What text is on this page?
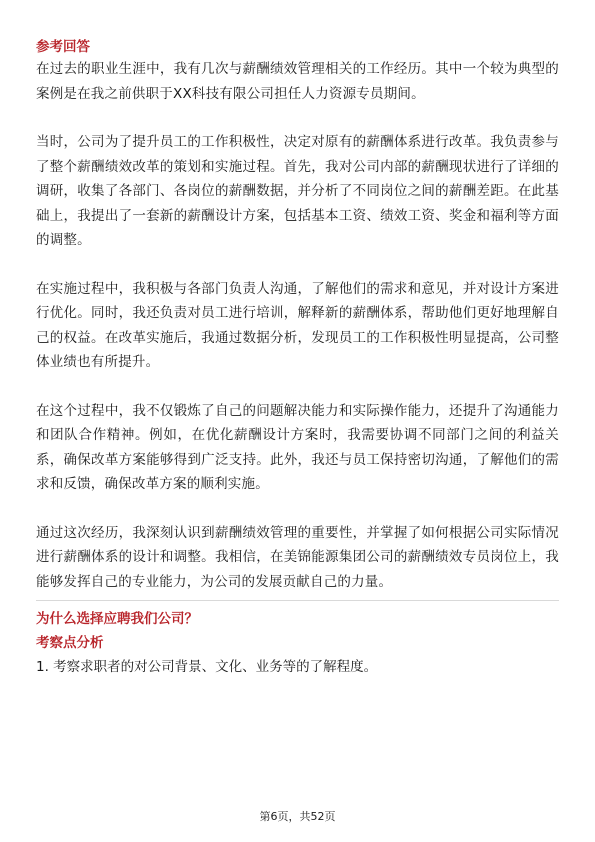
参考回答

在过去的职业生涯中，我有几次与薪酬绩效管理相关的工作经历。其中一个较为典型的案例是在我之前供职于XX科技有限公司担任人力资源专员期间。

当时，公司为了提升员工的工作积极性，决定对原有的薪酬体系进行改革。我负责参与了整个薪酬绩效改革的策划和实施过程。首先，我对公司内部的薪酬现状进行了详细的调研，收集了各部门、各岗位的薪酬数据，并分析了不同岗位之间的薪酬差距。在此基础上，我提出了一套新的薪酬设计方案，包括基本工资、绩效工资、奖金和福利等方面的调整。

在实施过程中，我积极与各部门负责人沟通，了解他们的需求和意见，并对设计方案进行优化。同时，我还负责对员工进行培训，解释新的薪酬体系，帮助他们更好地理解自己的权益。在改革实施后，我通过数据分析，发现员工的工作积极性明显提高，公司整体业绩也有所提升。

在这个过程中，我不仅锻炼了自己的问题解决能力和实际操作能力，还提升了沟通能力和团队合作精神。例如，在优化薪酬设计方案时，我需要协调不同部门之间的利益关系，确保改革方案能够得到广泛支持。此外，我还与员工保持密切沟通，了解他们的需求和反馈，确保改革方案的顺利实施。

通过这次经历，我深刻认识到薪酬绩效管理的重要性，并掌握了如何根据公司实际情况进行薪酬体系的设计和调整。我相信，在美锦能源集团公司的薪酬绩效专员岗位上，我能够发挥自己的专业能力，为公司的发展贡献自己的力量。

为什么选择应聘我们公司？

考察点分析

1. 考察求职者的对公司背景、文化、业务等的了解程度。

第6页，共52页
